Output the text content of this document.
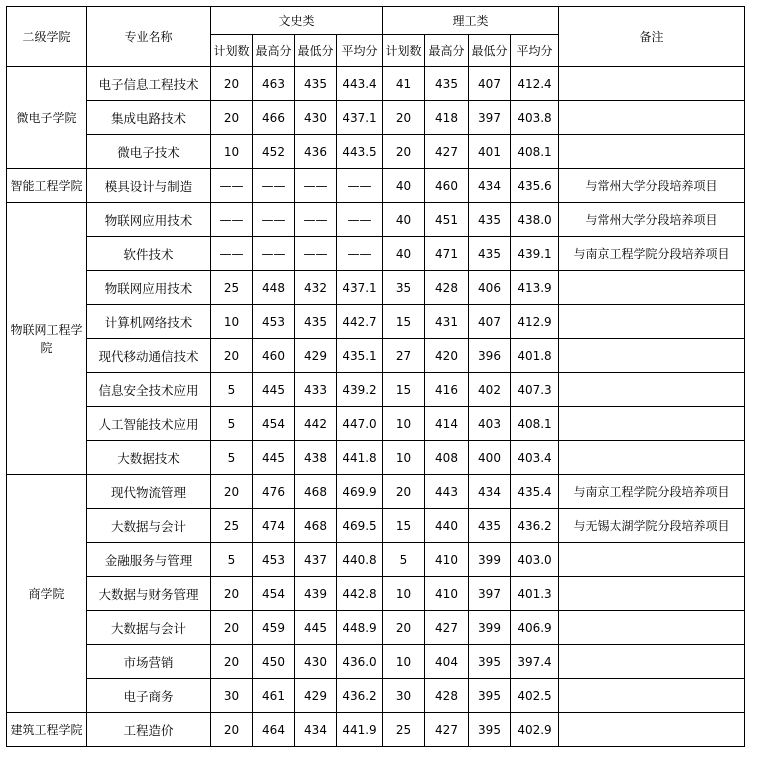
二级学院	专业名称	文史类				理工类				备注
		计划数	最高分	最低分	平均分	计划数	最高分	最低分	平均分	
微电子学院	电子信息工程技术	20	463	435	443.4	41	435	407	412.4	
	集成电路技术	20	466	430	437.1	20	418	397	403.8	
	微电子技术	10	452	436	443.5	20	427	401	408.1	
智能工程学院	模具设计与制造	——	——	——	——	40	460	434	435.6	与常州大学分段培养项目
物联网工程学院	物联网应用技术	——	——	——	——	40	451	435	438.0	与常州大学分段培养项目
	软件技术	——	——	——	——	40	471	435	439.1	与南京工程学院分段培养项目
	物联网应用技术	25	448	432	437.1	35	428	406	413.9	
	计算机网络技术	10	453	435	442.7	15	431	407	412.9	
	现代移动通信技术	20	460	429	435.1	27	420	396	401.8	
	信息安全技术应用	5	445	433	439.2	15	416	402	407.3	
	人工智能技术应用	5	454	442	447.0	10	414	403	408.1	
	大数据技术	5	445	438	441.8	10	408	400	403.4	
商学院	现代物流管理	20	476	468	469.9	20	443	434	435.4	与南京工程学院分段培养项目
	大数据与会计	25	474	468	469.5	15	440	435	436.2	与无锡太湖学院分段培养项目
	金融服务与管理	5	453	437	440.8	5	410	399	403.0	
	大数据与财务管理	20	454	439	442.8	10	410	397	401.3	
	大数据与会计	20	459	445	448.9	20	427	399	406.9	
	市场营销	20	450	430	436.0	10	404	395	397.4	
	电子商务	30	461	429	436.2	30	428	395	402.5	
建筑工程学院	工程造价	20	464	434	441.9	25	427	395	402.9	
